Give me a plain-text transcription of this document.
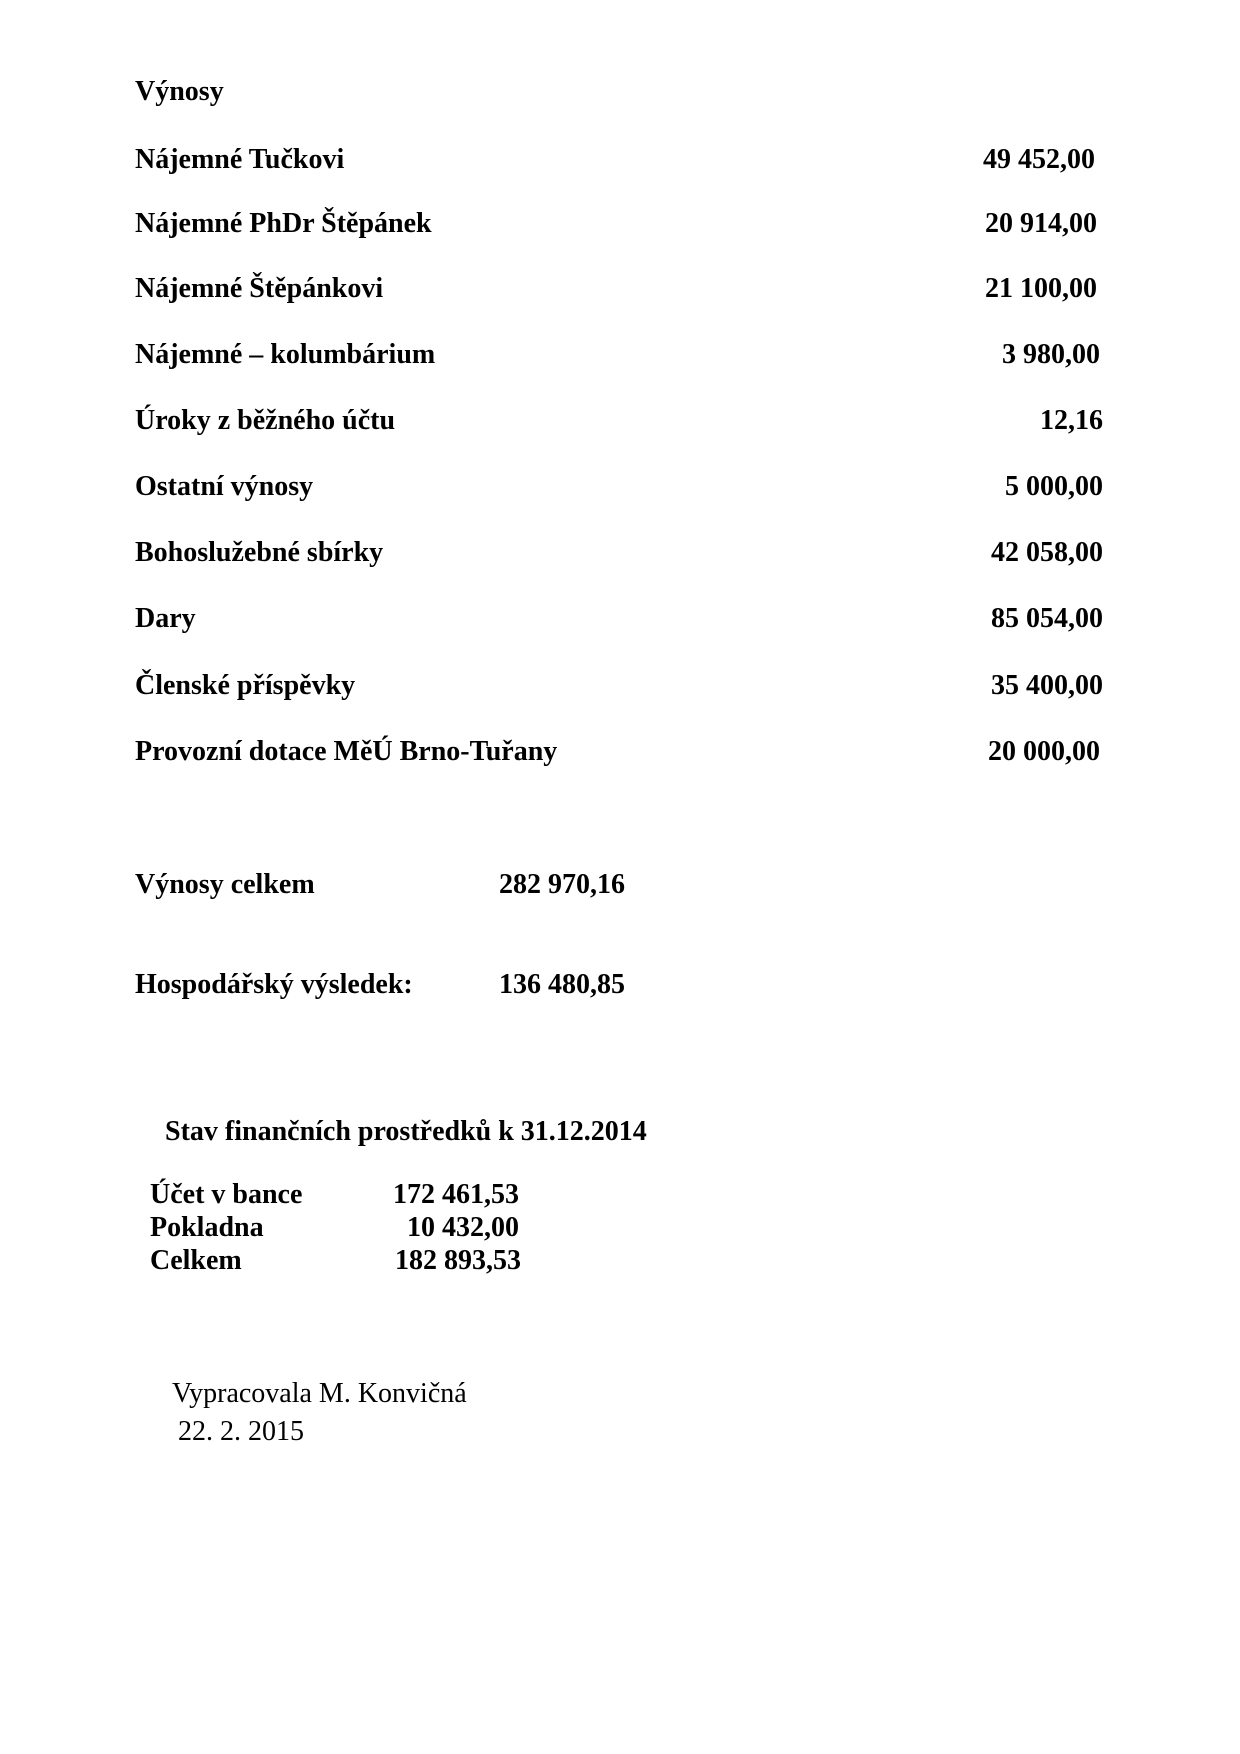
Výnosy
Nájemné Tučkovi	49 452,00
Nájemné PhDr Štěpánek	20 914,00
Nájemné Štěpánkovi	21 100,00
Nájemné – kolumbárium	3 980,00
Úroky z běžného účtu	12,16
Ostatní výnosy	5 000,00
Bohoslužebné sbírky	42 058,00
Dary	85 054,00
Členské příspěvky	35 400,00
Provozní dotace MěÚ Brno-Tuřany	20 000,00
Výnosy celkem	282 970,16
Hospodářský výsledek:	136 480,85
Stav finančních prostředků k 31.12.2014
Účet v bance	172 461,53
Pokladna	10 432,00
Celkem	182 893,53
Vypracovala M. Konvičná
22. 2. 2015
